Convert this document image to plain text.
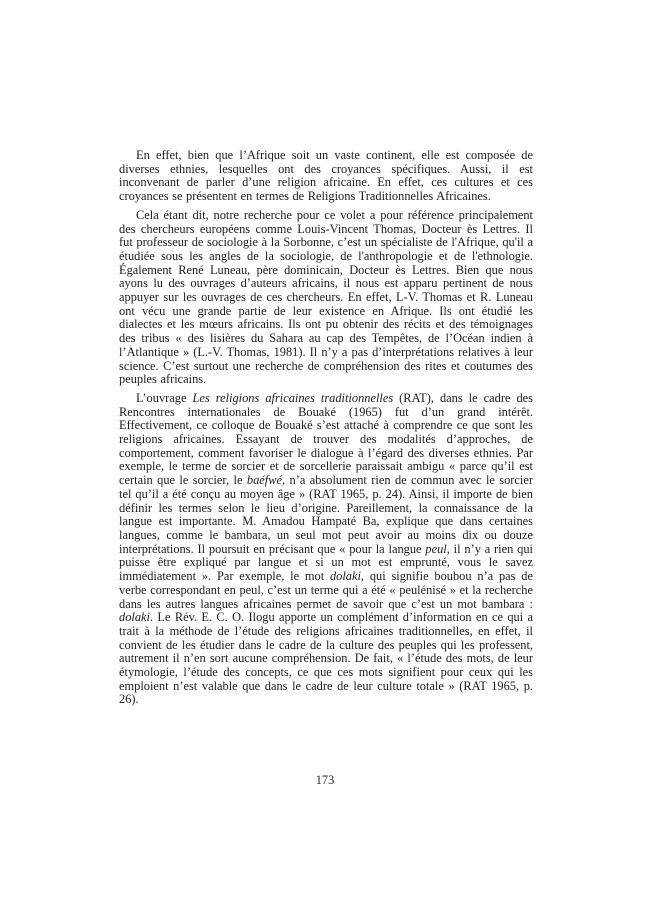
En effet, bien que l’Afrique soit un vaste continent, elle est composée de diverses ethnies, lesquelles ont des croyances spécifiques. Aussi, il est inconvenant de parler d’une religion africaine. En effet, ces cultures et ces croyances se présentent en termes de Religions Traditionnelles Africaines.

Cela étant dit, notre recherche pour ce volet a pour référence principalement des chercheurs européens comme Louis-Vincent Thomas, Docteur ès Lettres. Il fut professeur de sociologie à la Sorbonne, c’est un spécialiste de l'Afrique, qu'il a étudiée sous les angles de la sociologie, de l'anthropologie et de l'ethnologie. Également René Luneau, père dominicain, Docteur ès Lettres. Bien que nous ayons lu des ouvrages d’auteurs africains, il nous est apparu pertinent de nous appuyer sur les ouvrages de ces chercheurs. En effet, L-V. Thomas et R. Luneau ont vécu une grande partie de leur existence en Afrique. Ils ont étudié les dialectes et les mœurs africains. Ils ont pu obtenir des récits et des témoignages des tribus « des lisières du Sahara au cap des Tempêtes, de l’Océan indien à l’Atlantique » (L.-V. Thomas, 1981). Il n’y a pas d’interprétations relatives à leur science. C’est surtout une recherche de compréhension des rites et coutumes des peuples africains.

L’ouvrage Les religions africaines traditionnelles (RAT), dans le cadre des Rencontres internationales de Bouaké (1965) fut d’un grand intérêt. Effectivement, ce colloque de Bouaké s’est attaché à comprendre ce que sont les religions africaines. Essayant de trouver des modalités d’approches, de comportement, comment favoriser le dialogue à l’égard des diverses ethnies. Par exemple, le terme de sorcier et de sorcellerie paraissait ambigu « parce qu’il est certain que le sorcier, le baéfwé, n’a absolument rien de commun avec le sorcier tel qu’il a été conçu au moyen âge » (RAT 1965, p. 24). Ainsi, il importe de bien définir les termes selon le lieu d’origine. Pareillement, la connaissance de la langue est importante. M. Amadou Hampaté Ba, explique que dans certaines langues, comme le bambara, un seul mot peut avoir au moins dix ou douze interprétations. Il poursuit en précisant que « pour la langue peul, il n’y a rien qui puisse être expliqué par langue et si un mot est emprunté, vous le savez immédiatement ». Par exemple, le mot dolaki, qui signifie boubou n’a pas de verbe correspondant en peul, c’est un terme qui a été « peulénisé » et la recherche dans les autres langues africaines permet de savoir que c’est un mot bambara : dolaki. Le Rév. E. C. O. Ilogu apporte un complément d’information en ce qui a trait à la méthode de l’étude des religions africaines traditionnelles, en effet, il convient de les étudier dans le cadre de la culture des peuples qui les professent, autrement il n’en sort aucune compréhension. De fait, « l’étude des mots, de leur étymologie, l’étude des concepts, ce que ces mots signifient pour ceux qui les emploient n’est valable que dans le cadre de leur culture totale » (RAT 1965, p. 26).

173
